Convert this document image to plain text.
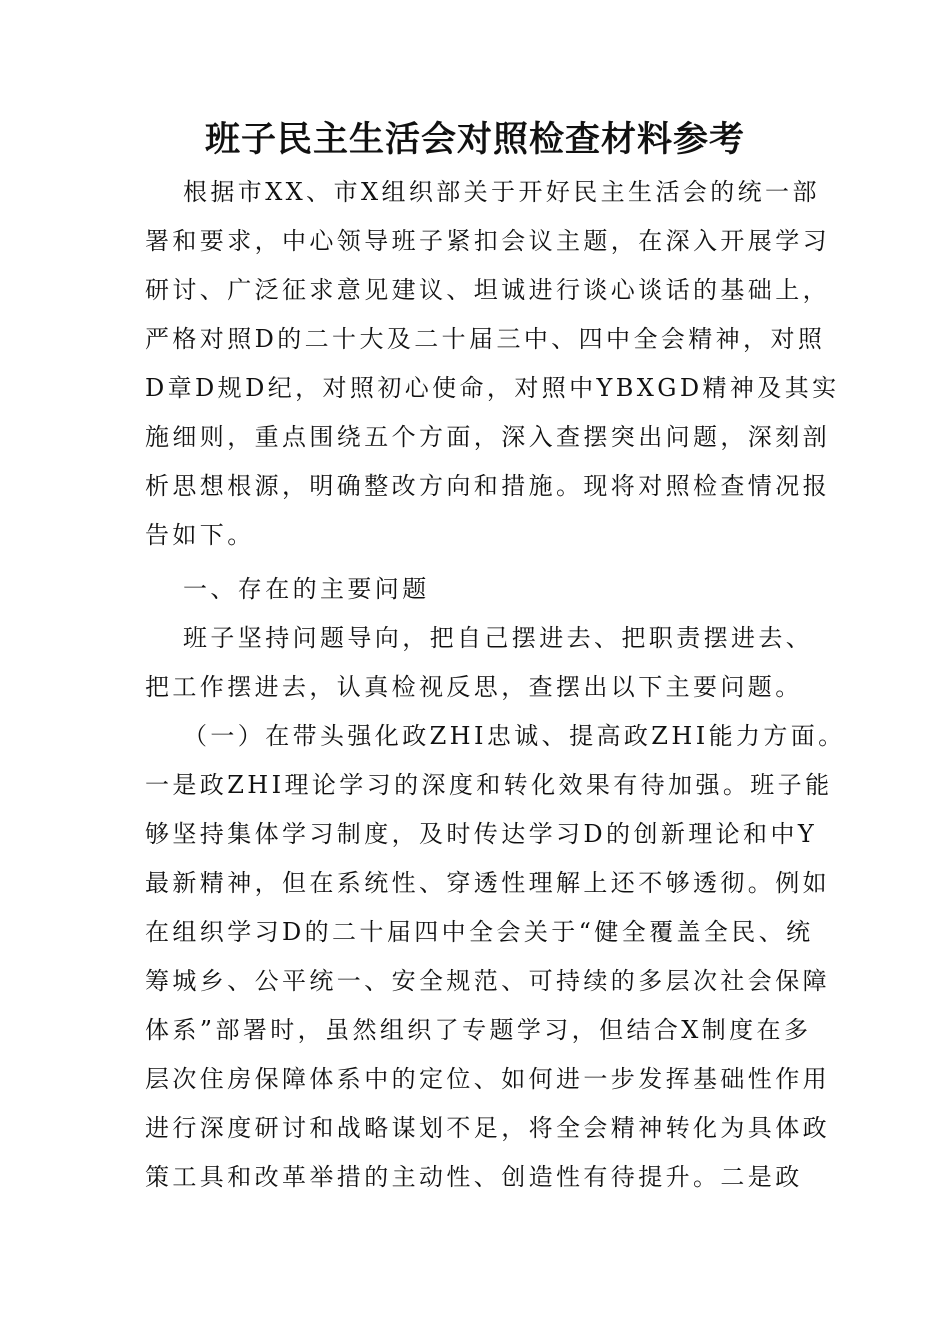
班子民主生活会对照检查材料参考
根据市XX、市X组织部关于开好民主生活会的统一部
署和要求，中心领导班子紧扣会议主题，在深入开展学习
研讨、广泛征求意见建议、坦诚进行谈心谈话的基础上，
严格对照D的二十大及二十届三中、四中全会精神，对照
D章D规D纪，对照初心使命，对照中YBXGD精神及其实
施细则，重点围绕五个方面，深入查摆突出问题，深刻剖
析思想根源，明确整改方向和措施。现将对照检查情况报
告如下。
一、存在的主要问题
班子坚持问题导向，把自己摆进去、把职责摆进去、
把工作摆进去，认真检视反思，查摆出以下主要问题。
（一）在带头强化政ZHI忠诚、提高政ZHI能力方面。
一是政ZHI理论学习的深度和转化效果有待加强。班子能
够坚持集体学习制度，及时传达学习D的创新理论和中Y
最新精神，但在系统性、穿透性理解上还不够透彻。例如
在组织学习D的二十届四中全会关于“健全覆盖全民、统
筹城乡、公平统一、安全规范、可持续的多层次社会保障
体系”部署时，虽然组织了专题学习，但结合X制度在多
层次住房保障体系中的定位、如何进一步发挥基础性作用
进行深度研讨和战略谋划不足，将全会精神转化为具体政
策工具和改革举措的主动性、创造性有待提升。二是政
